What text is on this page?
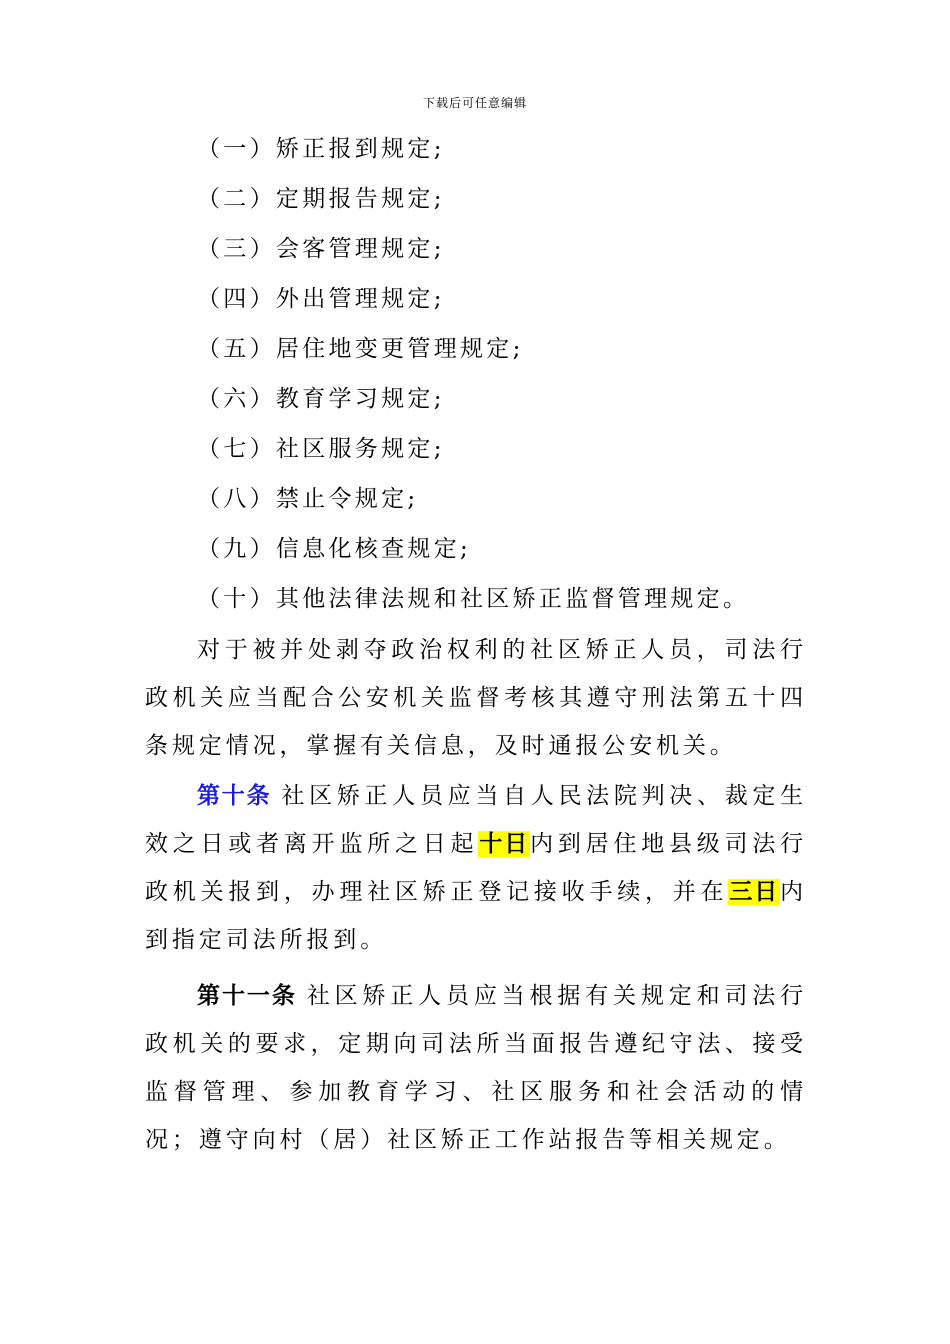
下载后可任意编辑
（一）矫正报到规定;
（二）定期报告规定;
（三）会客管理规定;
（四）外出管理规定;
（五）居住地变更管理规定;
（六）教育学习规定;
（七）社区服务规定;
（八）禁止令规定;
（九）信息化核查规定;
（十）其他法律法规和社区矫正监督管理规定。

对于被并处剥夺政治权利的社区矫正人员，司法行政机关应当配合公安机关监督考核其遵守刑法第五十四条规定情况，掌握有关信息，及时通报公安机关。

第十条 社区矫正人员应当自人民法院判决、裁定生效之日或者离开监所之日起十日内到居住地县级司法行政机关报到，办理社区矫正登记接收手续，并在三日内到指定司法所报到。

第十一条 社区矫正人员应当根据有关规定和司法行政机关的要求，定期向司法所当面报告遵纪守法、接受监督管理、参加教育学习、社区服务和社会活动的情况；遵守向村（居）社区矫正工作站报告等相关规定。
